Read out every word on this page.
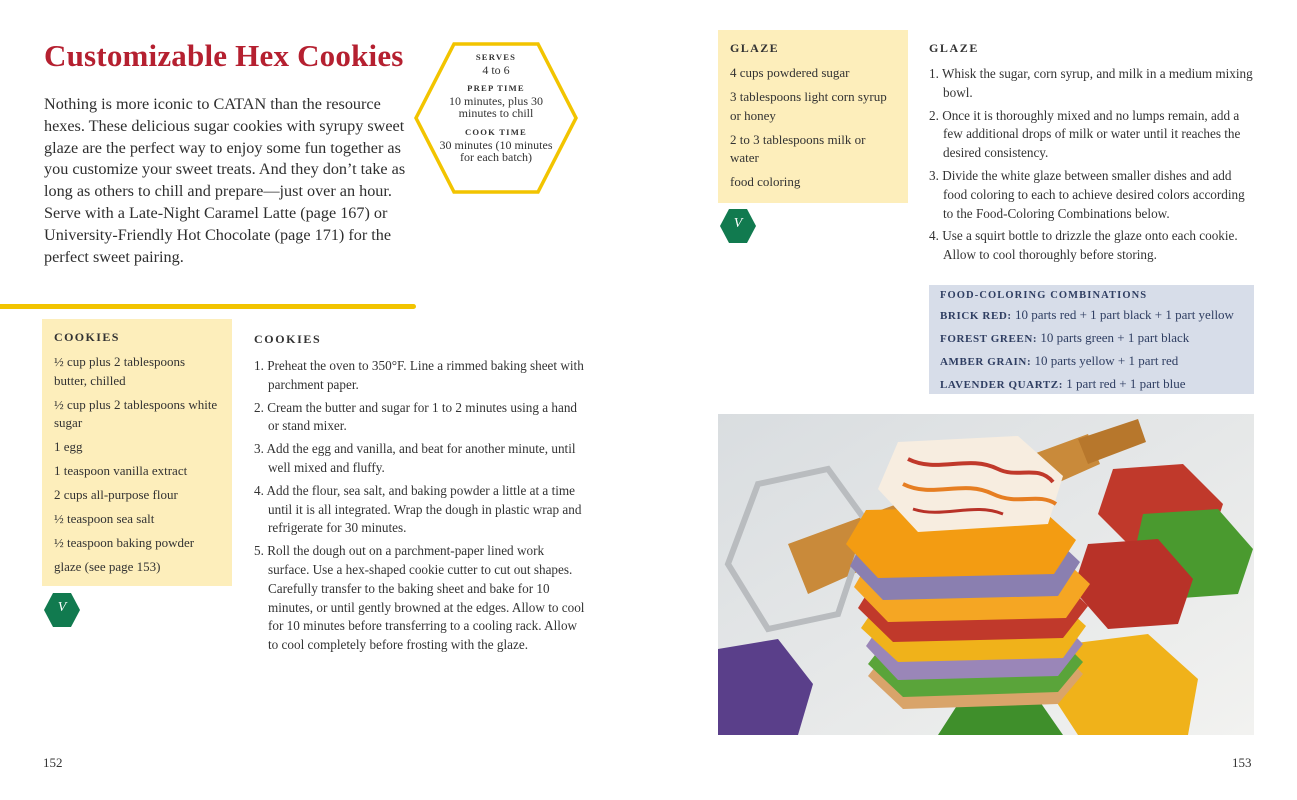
Customizable Hex Cookies
Nothing is more iconic to CATAN than the resource hexes. These delicious sugar cookies with syrupy sweet glaze are the perfect way to enjoy some fun together as you customize your sweet treats. And they don’t take as long as others to chill and prepare—just over an hour. Serve with a Late-Night Caramel Latte (page 167) or University-Friendly Hot Chocolate (page 171) for the perfect sweet pairing.
SERVES
4 to 6
PREP TIME
10 minutes, plus 30 minutes to chill
COOK TIME
30 minutes (10 minutes for each batch)
COOKIES
½ cup plus 2 tablespoons butter, chilled
½ cup plus 2 tablespoons white sugar
1 egg
1 teaspoon vanilla extract
2 cups all-purpose flour
½ teaspoon sea salt
½ teaspoon baking powder
glaze (see page 153)
V
COOKIES
1. Preheat the oven to 350°F. Line a rimmed baking sheet with parchment paper.
2. Cream the butter and sugar for 1 to 2 minutes using a hand or stand mixer.
3. Add the egg and vanilla, and beat for another minute, until well mixed and fluffy.
4. Add the flour, sea salt, and baking powder a little at a time until it is all integrated. Wrap the dough in plastic wrap and refrigerate for 30 minutes.
5. Roll the dough out on a parchment-paper lined work surface. Use a hex-shaped cookie cutter to cut out shapes. Carefully transfer to the baking sheet and bake for 10 minutes, or until gently browned at the edges. Allow to cool for 10 minutes before transferring to a cooling rack. Allow to cool completely before frosting with the glaze.
152
GLAZE
4 cups powdered sugar
3 tablespoons light corn syrup or honey
2 to 3 tablespoons milk or water
food coloring
V
GLAZE
1. Whisk the sugar, corn syrup, and milk in a medium mixing bowl.
2. Once it is thoroughly mixed and no lumps remain, add a few additional drops of milk or water until it reaches the desired consistency.
3. Divide the white glaze between smaller dishes and add food coloring to each to achieve desired colors according to the Food-Coloring Combinations below.
4. Use a squirt bottle to drizzle the glaze onto each cookie. Allow to cool thoroughly before storing.
FOOD-COLORING COMBINATIONS
BRICK RED: 10 parts red + 1 part black + 1 part yellow
FOREST GREEN: 10 parts green + 1 part black
AMBER GRAIN: 10 parts yellow + 1 part red
LAVENDER QUARTZ: 1 part red + 1 part blue
153
